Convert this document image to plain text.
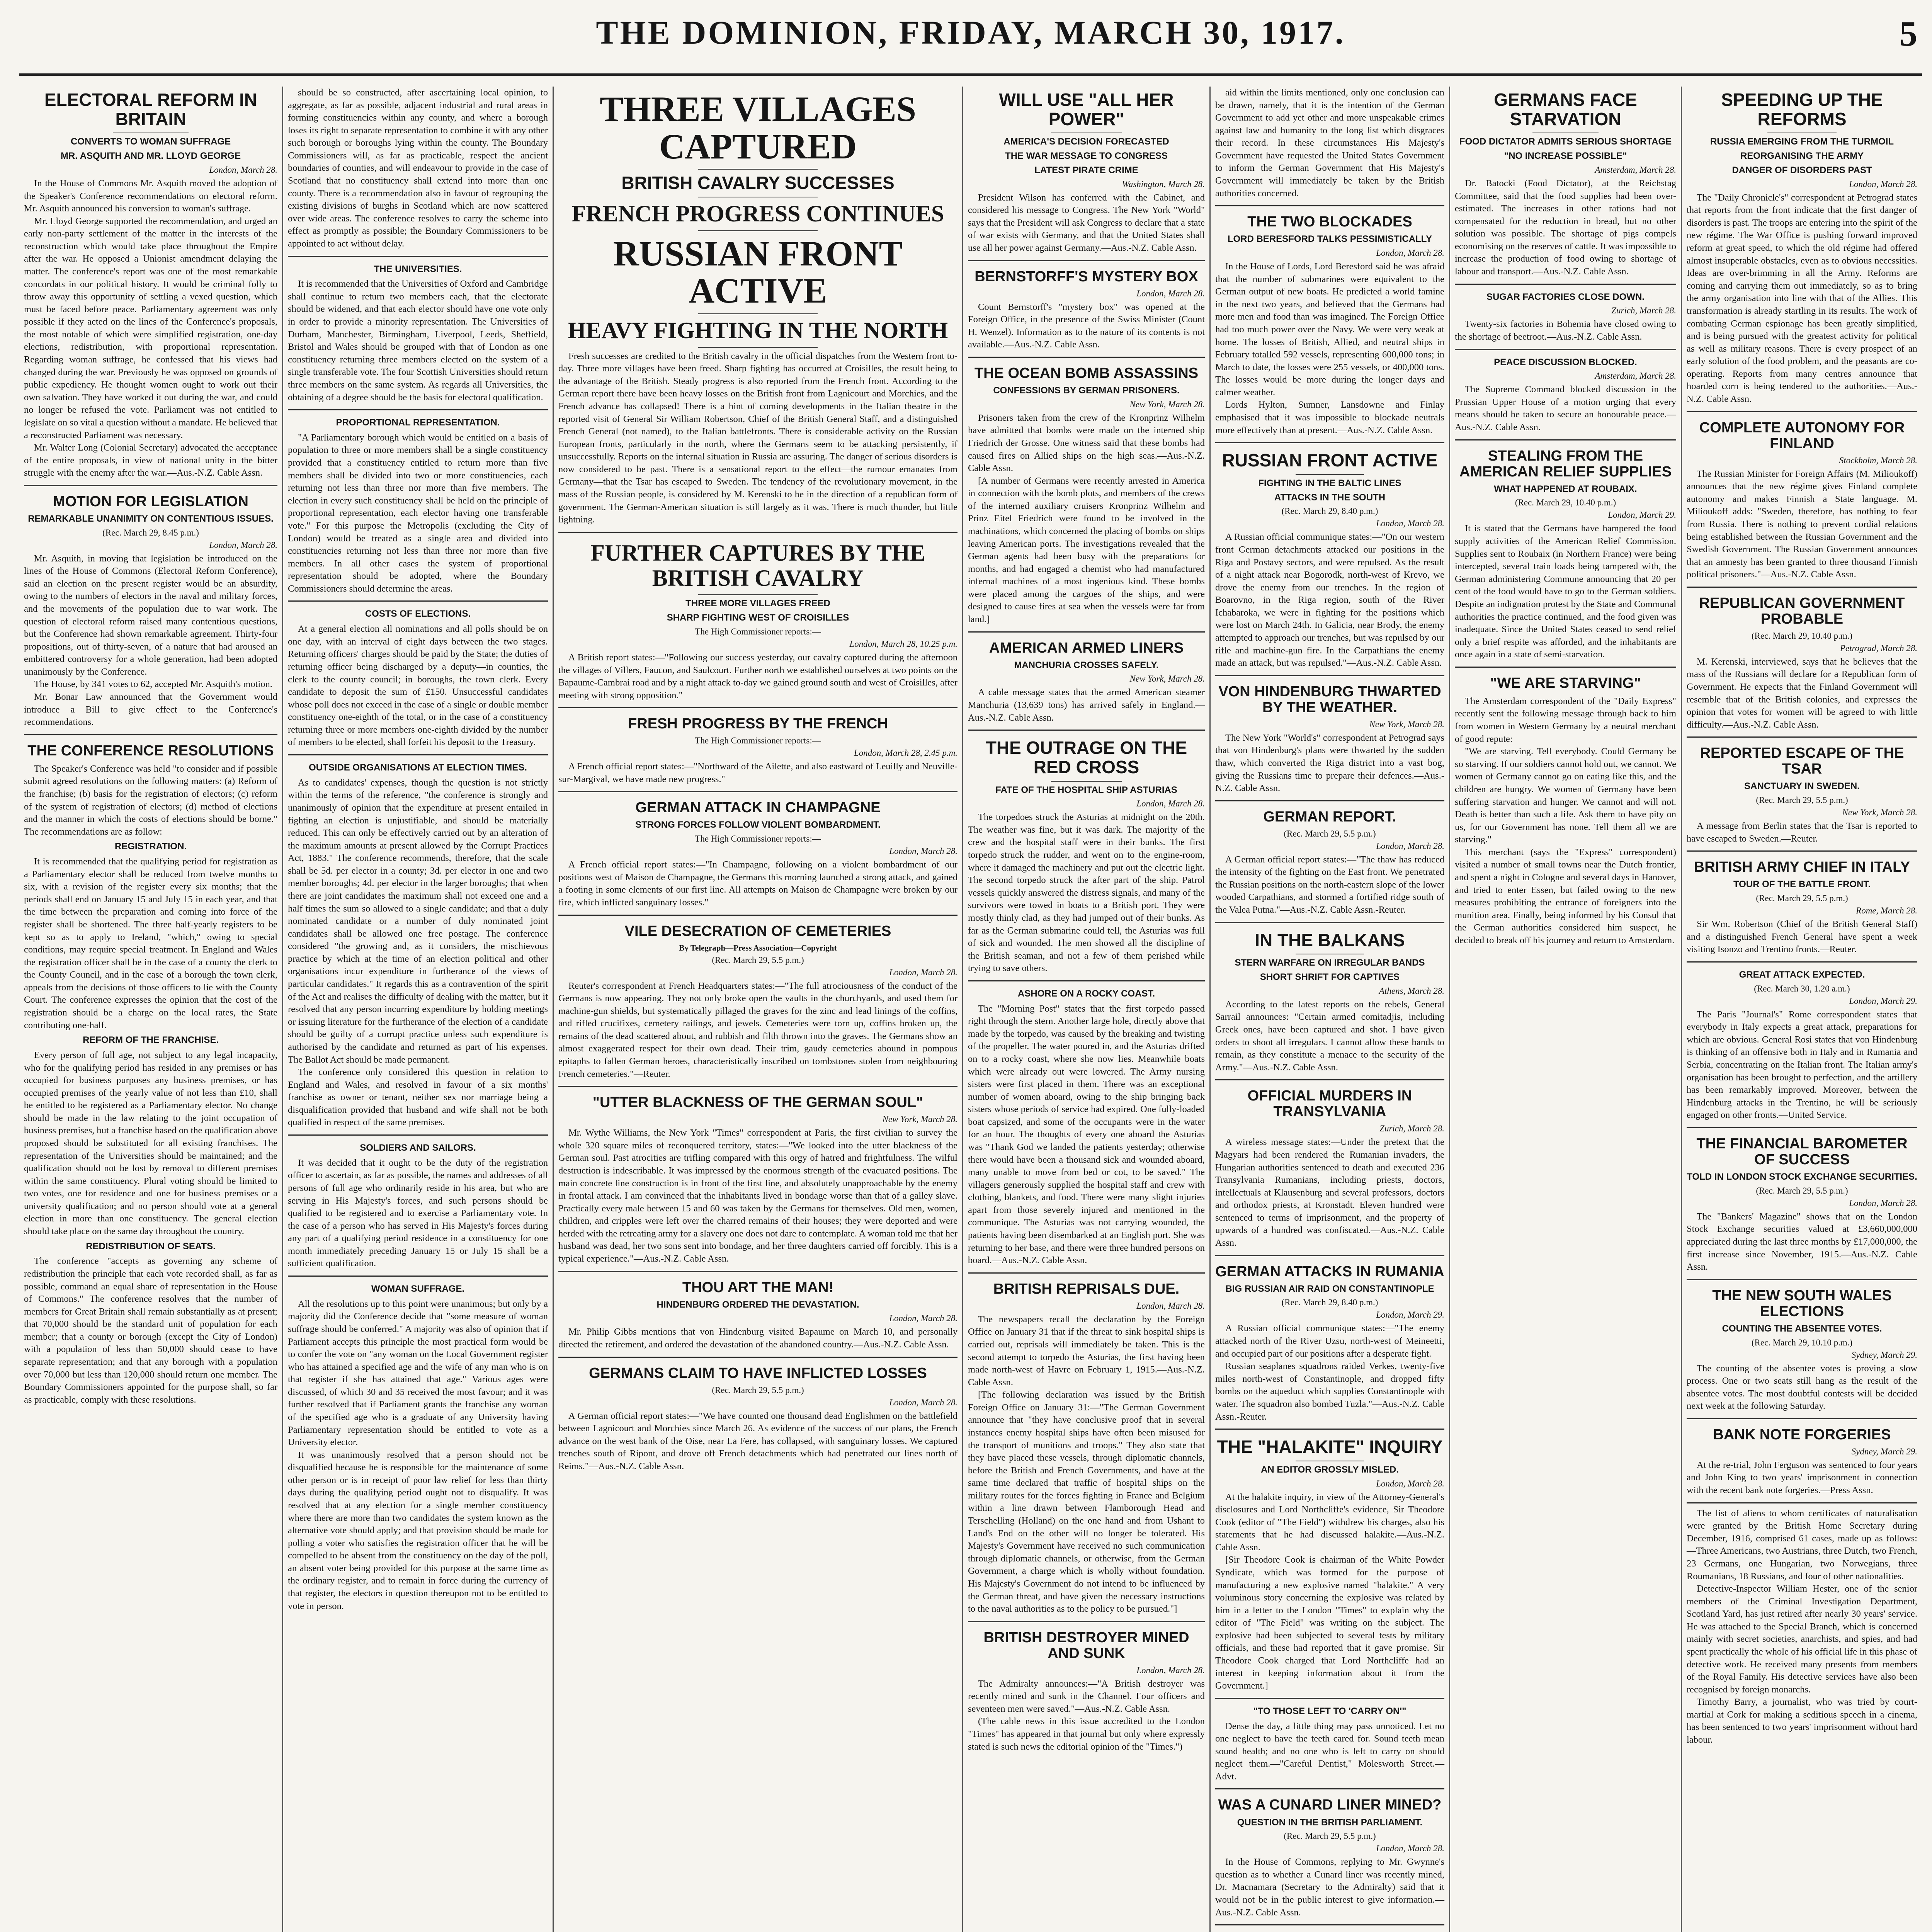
THE DOMINION, FRIDAY, MARCH 30, 1917.	5
ELECTORAL REFORM IN BRITAIN
CONVERTS TO WOMAN SUFFRAGE
MR. ASQUITH AND MR. LLOYD GEORGE
London, March 28.

In the House of Commons Mr. Asquith moved the adoption of the Speaker's Conference recommendations on electoral reform. Mr. Asquith announced his conversion to woman's suffrage.

Mr. Lloyd George supported the recommendation, and urged an early non-party settlement of the matter in the interests of the reconstruction which would take place throughout the Empire after the war. He opposed a Unionist amendment delaying the matter. The conference's report was one of the most remarkable concordats in our political history. It would be criminal folly to throw away this opportunity of settling a vexed question, which must be faced before peace. Parliamentary agreement was only possible if they acted on the lines of the Conference's proposals, the most notable of which were simplified registration, one-day elections, redistribution, with proportional representation. Regarding woman suffrage, he confessed that his views had changed during the war. Previously he was opposed on grounds of public expediency. He thought women ought to work out their own salvation. They have worked it out during the war, and could no longer be refused the vote. Parliament was not entitled to legislate on so vital a question without a mandate. He believed that a reconstructed Parliament was necessary.

Mr. Walter Long (Colonial Secretary) advocated the acceptance of the entire proposals, in view of national unity in the bitter struggle with the enemy after the war.—Aus.-N.Z. Cable Assn.

MOTION FOR LEGISLATION
REMARKABLE UNANIMITY ON CONTENTIOUS ISSUES.
(Rec. March 29, 8.45 p.m.)
London, March 28.

Mr. Asquith, in moving that legislation be introduced on the lines of the House of Commons (Electoral Reform Conference), said an election on the present register would be an absurdity, owing to the numbers of electors in the naval and military forces, and the movements of the population due to war work. The question of electoral reform raised many contentious questions, but the Conference had shown remarkable agreement. Thirty-four propositions, out of thirty-seven, of a nature that had aroused an embittered controversy for a whole generation, had been adopted unanimously by the Conference.

The House, by 341 votes to 62, accepted Mr. Asquith's motion.

Mr. Bonar Law announced that the Government would introduce a Bill to give effect to the Conference's recommendations.

THE CONFERENCE RESOLUTIONS

The Speaker's Conference was held "to consider and if possible submit agreed resolutions on the following matters: (a) Reform of the franchise; (b) basis for the registration of electors; (c) reform of the system of registration of electors; (d) method of elections and the manner in which the costs of elections should be borne." The recommendations are as follow:

REGISTRATION.

It is recommended that the qualifying period for registration as a Parliamentary elector shall be reduced from twelve months to six, with a revision of the register every six months; that the periods shall end on January 15 and July 15 in each year, and that the time between the preparation and coming into force of the register shall be shortened. The three half-yearly registers to be kept so as to apply to Ireland, "which," owing to special conditions, may require special treatment. In England and Wales the registration officer shall be in the case of a county the clerk to the County Council, and in the case of a borough the town clerk, appeals from the decisions of those officers to lie with the County Court. The conference expresses the opinion that the cost of the registration should be a charge on the local rates, the State contributing one-half.

REFORM OF THE FRANCHISE.

Every person of full age, not subject to any legal incapacity, who for the qualifying period has resided in any premises or has occupied for business purposes any business premises, or has occupied premises of the yearly value of not less than £10, shall be entitled to be registered as a Parliamentary elector. No change should be made in the law relating to the joint occupation of business premises, but a franchise based on the qualification above proposed should be substituted for all existing franchises. The representation of the Universities should be maintained; and the qualification should not be lost by removal to different premises within the same constituency. Plural voting should be limited to two votes, one for residence and one for business premises or a university qualification; and no person should vote at a general election in more than one constituency. The general election should take place on the same day throughout the country.

REDISTRIBUTION OF SEATS.

The conference "accepts as governing any scheme of redistribution the principle that each vote recorded shall, as far as possible, command an equal share of representation in the House of Commons." The conference resolves that the number of members for Great Britain shall remain substantially as at present; that 70,000 should be the standard unit of population for each member; that a county or borough (except the City of London) with a population of less than 50,000 should cease to have separate representation; and that any borough with a population over 70,000 but less than 120,000 should return one member. The Boundary Commissioners appointed for the purpose shall, so far as practicable, comply with these resolutions.

should be so constructed, after ascertaining local opinion, to aggregate, as far as possible, adjacent industrial and rural areas in forming constituencies within any county, and where a borough loses its right to separate representation to combine it with any other such borough or boroughs lying within the county. The Boundary Commissioners will, as far as practicable, respect the ancient boundaries of counties, and will endeavour to provide in the case of Scotland that no constituency shall extend into more than one county. There is a recommendation also in favour of regrouping the existing divisions of burghs in Scotland which are now scattered over wide areas. The conference resolves to carry the scheme into effect as promptly as possible; the Boundary Commissioners to be appointed to act without delay.

THE UNIVERSITIES.

It is recommended that the Universities of Oxford and Cambridge shall continue to return two members each, that the electorate should be widened, and that each elector should have one vote only in order to provide a minority representation. The Universities of Durham, Manchester, Birmingham, Liverpool, Leeds, Sheffield, Bristol and Wales should be grouped with that of London as one constituency returning three members elected on the system of a single transferable vote. The four Scottish Universities should return three members on the same system. As regards all Universities, the obtaining of a degree should be the basis for electoral qualification.

PROPORTIONAL REPRESENTATION.

"A Parliamentary borough which would be entitled on a basis of population to three or more members shall be a single constituency provided that a constituency entitled to return more than five members shall be divided into two or more constituencies, each returning not less than three nor more than five members. The election in every such constituency shall be held on the principle of proportional representation, each elector having one transferable vote." For this purpose the Metropolis (excluding the City of London) would be treated as a single area and divided into constituencies returning not less than three nor more than five members. In all other cases the system of proportional representation should be adopted, where the Boundary Commissioners should determine the areas.

COSTS OF ELECTIONS.

At a general election all nominations and all polls should be on one day, with an interval of eight days between the two stages. Returning officers' charges should be paid by the State; the duties of returning officer being discharged by a deputy—in counties, the clerk to the county council; in boroughs, the town clerk. Every candidate to deposit the sum of £150. Unsuccessful candidates whose poll does not exceed in the case of a single or double member constituency one-eighth of the total, or in the case of a constituency returning three or more members one-eighth divided by the number of members to be elected, shall forfeit his deposit to the Treasury.

OUTSIDE ORGANISATIONS AT ELECTION TIMES.

As to candidates' expenses, though the question is not strictly within the terms of the reference, "the conference is strongly and unanimously of opinion that the expenditure at present entailed in fighting an election is unjustifiable, and should be materially reduced. This can only be effectively carried out by an alteration of the maximum amounts at present allowed by the Corrupt Practices Act, 1883." The conference recommends, therefore, that the scale shall be 5d. per elector in a county; 3d. per elector in one and two member boroughs; 4d. per elector in the larger boroughs; that when there are joint candidates the maximum shall not exceed one and a half times the sum so allowed to a single candidate; and that a duly nominated candidate or a number of duly nominated joint candidates shall be allowed one free postage. The conference considered "the growing and, as it considers, the mischievous practice by which at the time of an election political and other organisations incur expenditure in furtherance of the views of particular candidates." It regards this as a contravention of the spirit of the Act and realises the difficulty of dealing with the matter, but it resolved that any person incurring expenditure by holding meetings or issuing literature for the furtherance of the election of a candidate should be guilty of a corrupt practice unless such expenditure is authorised by the candidate and returned as part of his expenses. The Ballot Act should be made permanent.

The conference only considered this question in relation to England and Wales, and resolved in favour of a six months' franchise as owner or tenant, neither sex nor marriage being a disqualification provided that husband and wife shall not be both qualified in respect of the same premises.

SOLDIERS AND SAILORS.

It was decided that it ought to be the duty of the registration officer to ascertain, as far as possible, the names and addresses of all persons of full age who ordinarily reside in his area, but who are serving in His Majesty's forces, and such persons should be qualified to be registered and to exercise a Parliamentary vote. In the case of a person who has served in His Majesty's forces during any part of a qualifying period residence in a constituency for one month immediately preceding January 15 or July 15 shall be a sufficient qualification.

WOMAN SUFFRAGE.

All the resolutions up to this point were unanimous; but only by a majority did the Conference decide that "some measure of woman suffrage should be conferred." A majority was also of opinion that if Parliament accepts this principle the most practical form would be to confer the vote on "any woman on the Local Government register who has attained a specified age and the wife of any man who is on that register if she has attained that age." Various ages were discussed, of which 30 and 35 received the most favour; and it was further resolved that if Parliament grants the franchise any woman of the specified age who is a graduate of any University having Parliamentary representation should be entitled to vote as a University elector.

It was unanimously resolved that a person should not be disqualified because he is responsible for the maintenance of some other person or is in receipt of poor law relief for less than thirty days during the qualifying period ought not to disqualify. It was resolved that at any election for a single member constituency where there are more than two candidates the system known as the alternative vote should apply; and that provision should be made for polling a voter who satisfies the registration officer that he will be compelled to be absent from the constituency on the day of the poll, an absent voter being provided for this purpose at the same time as the ordinary register, and to remain in force during the currency of that register, the electors in question thereupon not to be entitled to vote in person.

THREE VILLAGES CAPTURED
BRITISH CAVALRY SUCCESSES
FRENCH PROGRESS CONTINUES
RUSSIAN FRONT ACTIVE
HEAVY FIGHTING IN THE NORTH

Fresh successes are credited to the British cavalry in the official dispatches from the Western front to-day. Three more villages have been freed. Sharp fighting has occurred at Croisilles, the result being to the advantage of the British. Steady progress is also reported from the French front. According to the German report there have been heavy losses on the British front from Lagnicourt and Morchies, and the French advance has collapsed! There is a hint of coming developments in the Italian theatre in the reported visit of General Sir William Robertson, Chief of the British General Staff, and a distinguished French General (not named), to the Italian battlefronts. There is considerable activity on the Russian European fronts, particularly in the north, where the Germans seem to be attacking persistently, if unsuccessfully. Reports on the internal situation in Russia are assuring. The danger of serious disorders is now considered to be past. There is a sensational report to the effect—the rumour emanates from Germany—that the Tsar has escaped to Sweden. The tendency of the revolutionary movement, in the mass of the Russian people, is considered by M. Kerenski to be in the direction of a republican form of government. The German-American situation is still largely as it was. There is much thunder, but little lightning.

FURTHER CAPTURES BY THE BRITISH CAVALRY
THREE MORE VILLAGES FREED
SHARP FIGHTING WEST OF CROISILLES
The High Commissioner reports:—
London, March 28, 10.25 p.m.

A British report states:—"Following our success yesterday, our cavalry captured during the afternoon the villages of Villers, Faucon, and Saulcourt. Further north we established ourselves at two points on the Bapaume-Cambrai road and by a night attack to-day we gained ground south and west of Croisilles, after meeting with strong opposition."

FRESH PROGRESS BY THE FRENCH
The High Commissioner reports:—
London, March 28, 2.45 p.m.

A French official report states:—"Northward of the Ailette, and also eastward of Leuilly and Neuville-sur-Margival, we have made new progress."

GERMAN ATTACK IN CHAMPAGNE
STRONG FORCES FOLLOW VIOLENT BOMBARDMENT.
The High Commissioner reports:—
London, March 28.

A French official report states:—"In Champagne, following on a violent bombardment of our positions west of Maison de Champagne, the Germans this morning launched a strong attack, and gained a footing in some elements of our first line. All attempts on Maison de Champagne were broken by our fire, which inflicted sanguinary losses."

VILE DESECRATION OF CEMETERIES
By Telegraph—Press Association—Copyright
(Rec. March 29, 5.5 p.m.)
London, March 28.

Reuter's correspondent at French Headquarters states:—"The full atrociousness of the conduct of the Germans is now appearing. They not only broke open the vaults in the churchyards, and used them for machine-gun shields, but systematically pillaged the graves for the zinc and lead linings of the coffins, and rifled crucifixes, cemetery railings, and jewels. Cemeteries were torn up, coffins broken up, the remains of the dead scattered about, and rubbish and filth thrown into the graves. The Germans show an almost exaggerated respect for their own dead. Their trim, gaudy cemeteries abound in pompous epitaphs to fallen German heroes, characteristically inscribed on tombstones stolen from neighbouring French cemeteries."—Reuter.

"UTTER BLACKNESS OF THE GERMAN SOUL"
New York, March 28.

Mr. Wythe Williams, the New York "Times" correspondent at Paris, the first civilian to survey the whole 320 square miles of reconquered territory, states:—"We looked into the utter blackness of the German soul. Past atrocities are trifling compared with this orgy of hatred and frightfulness. The wilful destruction is indescribable. It was impressed by the enormous strength of the evacuated positions. The main concrete line construction is in front of the first line, and absolutely unapproachable by the enemy in frontal attack. I am convinced that the inhabitants lived in bondage worse than that of a galley slave. Practically every male between 15 and 60 was taken by the Germans for themselves. Old men, women, children, and cripples were left over the charred remains of their houses; they were deported and were herded with the retreating army for a slavery one does not dare to contemplate. A woman told me that her husband was dead, her two sons sent into bondage, and her three daughters carried off forcibly. This is a typical experience."—Aus.-N.Z. Cable Assn.

THOU ART THE MAN!
HINDENBURG ORDERED THE DEVASTATION.
London, March 28.

Mr. Philip Gibbs mentions that von Hindenburg visited Bapaume on March 10, and personally directed the retirement, and ordered the devastation of the abandoned country.—Aus.-N.Z. Cable Assn.

GERMANS CLAIM TO HAVE INFLICTED LOSSES
(Rec. March 29, 5.5 p.m.)
London, March 28.

A German official report states:—"We have counted one thousand dead Englishmen on the battlefield between Lagnicourt and Morchies since March 26. As evidence of the success of our plans, the French advance on the west bank of the Oise, near La Fere, has collapsed, with sanguinary losses. We captured trenches south of Ripont, and drove off French detachments which had penetrated our lines north of Reims."—Aus.-N.Z. Cable Assn.

WILL USE "ALL HER POWER"
AMERICA'S DECISION FORECASTED
THE WAR MESSAGE TO CONGRESS
LATEST PIRATE CRIME
Washington, March 28.

President Wilson has conferred with the Cabinet, and considered his message to Congress. The New York "World" says that the President will ask Congress to declare that a state of war exists with Germany, and that the United States shall use all her power against Germany.—Aus.-N.Z. Cable Assn.

BERNSTORFF'S MYSTERY BOX
London, March 28.

Count Bernstorff's "mystery box" was opened at the Foreign Office, in the presence of the Swiss Minister (Count H. Wenzel). Information as to the nature of its contents is not available.—Aus.-N.Z. Cable Assn.

THE OCEAN BOMB ASSASSINS
CONFESSIONS BY GERMAN PRISONERS.
New York, March 28.

Prisoners taken from the crew of the Kronprinz Wilhelm have admitted that bombs were made on the interned ship Friedrich der Grosse. One witness said that these bombs had caused fires on Allied ships on the high seas.—Aus.-N.Z. Cable Assn.

[A number of Germans were recently arrested in America in connection with the bomb plots, and members of the crews of the interned auxiliary cruisers Kronprinz Wilhelm and Prinz Eitel Friedrich were found to be involved in the machinations, which concerned the placing of bombs on ships leaving American ports. The investigations revealed that the German agents had been busy with the preparations for months, and had engaged a chemist who had manufactured infernal machines of a most ingenious kind. These bombs were placed among the cargoes of the ships, and were designed to cause fires at sea when the vessels were far from land.]

AMERICAN ARMED LINERS
MANCHURIA CROSSES SAFELY.
New York, March 28.

A cable message states that the armed American steamer Manchuria (13,639 tons) has arrived safely in England.—Aus.-N.Z. Cable Assn.

THE OUTRAGE ON THE RED CROSS
FATE OF THE HOSPITAL SHIP ASTURIAS
London, March 28.

The torpedoes struck the Asturias at midnight on the 20th. The weather was fine, but it was dark. The majority of the crew and the hospital staff were in their bunks. The first torpedo struck the rudder, and went on to the engine-room, where it damaged the machinery and put out the electric light. The second torpedo struck the after part of the ship. Patrol vessels quickly answered the distress signals, and many of the survivors were towed in boats to a British port. They were mostly thinly clad, as they had jumped out of their bunks. As far as the German submarine could tell, the Asturias was full of sick and wounded. The men showed all the discipline of the British seaman, and not a few of them perished while trying to save others.

ASHORE ON A ROCKY COAST.

The "Morning Post" states that the first torpedo passed right through the stern. Another large hole, directly above that made by the torpedo, was caused by the breaking and twisting of the propeller. The water poured in, and the Asturias drifted on to a rocky coast, where she now lies. Meanwhile boats which were already out were lowered. The Army nursing sisters were first placed in them. There was an exceptional number of women aboard, owing to the ship bringing back sisters whose periods of service had expired. One fully-loaded boat capsized, and some of the occupants were in the water for an hour. The thoughts of every one aboard the Asturias was "Thank God we landed the patients yesterday; otherwise there would have been a thousand sick and wounded aboard, many unable to move from bed or cot, to be saved." The villagers generously supplied the hospital staff and crew with clothing, blankets, and food. There were many slight injuries apart from those severely injured and mentioned in the communique. The Asturias was not carrying wounded, the patients having been disembarked at an English port. She was returning to her base, and there were three hundred persons on board.—Aus.-N.Z. Cable Assn.

BRITISH REPRISALS DUE.
London, March 28.

The newspapers recall the declaration by the Foreign Office on January 31 that if the threat to sink hospital ships is carried out, reprisals will immediately be taken. This is the second attempt to torpedo the Asturias, the first having been made north-west of Havre on February 1, 1915.—Aus.-N.Z. Cable Assn.

[The following declaration was issued by the British Foreign Office on January 31:—"The German Government announce that "they have conclusive proof that in several instances enemy hospital ships have often been misused for the transport of munitions and troops." They also state that they have placed these vessels, through diplomatic channels, before the British and French Governments, and have at the same time declared that traffic of hospital ships on the military routes for the forces fighting in France and Belgium within a line drawn between Flamborough Head and Terschelling (Holland) on the one hand and from Ushant to Land's End on the other will no longer be tolerated. His Majesty's Government have received no such communication through diplomatic channels, or otherwise, from the German Government, a charge which is wholly without foundation. His Majesty's Government do not intend to be influenced by the German threat, and have given the necessary instructions to the naval authorities as to the policy to be pursued."]

BRITISH DESTROYER MINED AND SUNK
London, March 28.

The Admiralty announces:—"A British destroyer was recently mined and sunk in the Channel. Four officers and seventeen men were saved."—Aus.-N.Z. Cable Assn.

(The cable news in this issue accredited to the London "Times" has appeared in that journal but only where expressly stated is such news the editorial opinion of the "Times.")

aid within the limits mentioned, only one conclusion can be drawn, namely, that it is the intention of the German Government to add yet other and more unspeakable crimes against law and humanity to the long list which disgraces their record. In these circumstances His Majesty's Government have requested the United States Government to inform the German Government that His Majesty's Government will immediately be taken by the British authorities concerned.

THE TWO BLOCKADES
LORD BERESFORD TALKS PESSIMISTICALLY
London, March 28.

In the House of Lords, Lord Beresford said he was afraid that the number of submarines were equivalent to the German output of new boats. He predicted a world famine in the next two years, and believed that the Germans had more men and food than was imagined. The Foreign Office had too much power over the Navy. We were very weak at home. The losses of British, Allied, and neutral ships in February totalled 592 vessels, representing 600,000 tons; in March to date, the losses were 255 vessels, or 400,000 tons. The losses would be more during the longer days and calmer weather.

Lords Hylton, Sumner, Lansdowne and Finlay emphasised that it was impossible to blockade neutrals more effectively than at present.—Aus.-N.Z. Cable Assn.

RUSSIAN FRONT ACTIVE
FIGHTING IN THE BALTIC LINES
ATTACKS IN THE SOUTH
(Rec. March 29, 8.40 p.m.)
London, March 28.

A Russian official communique states:—"On our western front German detachments attacked our positions in the Riga and Postavy sectors, and were repulsed. As the result of a night attack near Bogorodk, north-west of Krevo, we drove the enemy from our trenches. In the region of Boarovno, in the Riga region, south of the River Ichabaroka, we were in fighting for the positions which were lost on March 24th. In Galicia, near Brody, the enemy attempted to approach our trenches, but was repulsed by our rifle and machine-gun fire. In the Carpathians the enemy made an attack, but was repulsed."—Aus.-N.Z. Cable Assn.

VON HINDENBURG THWARTED BY THE WEATHER.
New York, March 28.

The New York "World's" correspondent at Petrograd says that von Hindenburg's plans were thwarted by the sudden thaw, which converted the Riga district into a vast bog, giving the Russians time to prepare their defences.—Aus.-N.Z. Cable Assn.

GERMAN REPORT.
(Rec. March 29, 5.5 p.m.)
London, March 28.

A German official report states:—"The thaw has reduced the intensity of the fighting on the East front. We penetrated the Russian positions on the north-eastern slope of the lower wooded Carpathians, and stormed a fortified ridge south of the Valea Putna."—Aus.-N.Z. Cable Assn.-Reuter.

IN THE BALKANS
STERN WARFARE ON IRREGULAR BANDS
SHORT SHRIFT FOR CAPTIVES
Athens, March 28.

According to the latest reports on the rebels, General Sarrail announces: "Certain armed comitadjis, including Greek ones, have been captured and shot. I have given orders to shoot all irregulars. I cannot allow these bands to remain, as they constitute a menace to the security of the Army."—Aus.-N.Z. Cable Assn.

OFFICIAL MURDERS IN TRANSYLVANIA
Zurich, March 28.

A wireless message states:—Under the pretext that the Magyars had been rendered the Rumanian invaders, the Hungarian authorities sentenced to death and executed 236 Transylvania Rumanians, including priests, doctors, intellectuals at Klausenburg and several professors, doctors and orthodox priests, at Kronstadt. Eleven hundred were sentenced to terms of imprisonment, and the property of upwards of a hundred was confiscated.—Aus.-N.Z. Cable Assn.

GERMAN ATTACKS IN RUMANIA
BIG RUSSIAN AIR RAID ON CONSTANTINOPLE
(Rec. March 29, 8.40 p.m.)
London, March 29.

A Russian official communique states:—"The enemy attacked north of the River Uzsu, north-west of Meineetti, and occupied part of our positions after a desperate fight.

Russian seaplanes squadrons raided Verkes, twenty-five miles north-west of Constantinople, and dropped fifty bombs on the aqueduct which supplies Constantinople with water. The squadron also bombed Tuzla."—Aus.-N.Z. Cable Assn.-Reuter.

THE "HALAKITE" INQUIRY
AN EDITOR GROSSLY MISLED.
London, March 28.

At the halakite inquiry, in view of the Attorney-General's disclosures and Lord Northcliffe's evidence, Sir Theodore Cook (editor of "The Field") withdrew his charges, also his statements that he had discussed halakite.—Aus.-N.Z. Cable Assn.

[Sir Theodore Cook is chairman of the White Powder Syndicate, which was formed for the purpose of manufacturing a new explosive named "halakite." A very voluminous story concerning the explosive was related by him in a letter to the London "Times" to explain why the editor of "The Field" was writing on the subject. The explosive had been subjected to several tests by military officials, and these had reported that it gave promise. Sir Theodore Cook charged that Lord Northcliffe had an interest in keeping information about it from the Government.]

"TO THOSE LEFT TO 'CARRY ON'"

Dense the day, a little thing may pass unnoticed. Let no one neglect to have the teeth cared for. Sound teeth mean sound health; and no one who is left to carry on should neglect them.—"Careful Dentist," Molesworth Street.—Advt.

WAS A CUNARD LINER MINED?
QUESTION IN THE BRITISH PARLIAMENT.
(Rec. March 29, 5.5 p.m.)
London, March 28.

In the House of Commons, replying to Mr. Gwynne's question as to whether a Cunard liner was recently mined, Dr. Macnamara (Secretary to the Admiralty) said that it would not be in the public interest to give information.—Aus.-N.Z. Cable Assn.

GERMANS FACE STARVATION
FOOD DICTATOR ADMITS SERIOUS SHORTAGE
"NO INCREASE POSSIBLE"
Amsterdam, March 28.

Dr. Batocki (Food Dictator), at the Reichstag Committee, said that the food supplies had been over-estimated. The increases in other rations had not compensated for the reduction in bread, but no other solution was possible. The shortage of pigs compels economising on the reserves of cattle. It was impossible to increase the production of food owing to shortage of labour and transport.—Aus.-N.Z. Cable Assn.

SUGAR FACTORIES CLOSE DOWN.
Zurich, March 28.

Twenty-six factories in Bohemia have closed owing to the shortage of beetroot.—Aus.-N.Z. Cable Assn.

PEACE DISCUSSION BLOCKED.
Amsterdam, March 28.

The Supreme Command blocked discussion in the Prussian Upper House of a motion urging that every means should be taken to secure an honourable peace.—Aus.-N.Z. Cable Assn.

STEALING FROM THE AMERICAN RELIEF SUPPLIES
WHAT HAPPENED AT ROUBAIX.
(Rec. March 29, 10.40 p.m.)
London, March 29.

It is stated that the Germans have hampered the food supply activities of the American Relief Commission. Supplies sent to Roubaix (in Northern France) were being intercepted, several train loads being tampered with, the German administering Commune announcing that 20 per cent of the food would have to go to the German soldiers. Despite an indignation protest by the State and Communal authorities the practice continued, and the food given was inadequate. Since the United States ceased to send relief only a brief respite was afforded, and the inhabitants are once again in a state of semi-starvation.

"WE ARE STARVING"

The Amsterdam correspondent of the "Daily Express" recently sent the following message through back to him from women in Western Germany by a neutral merchant of good repute:

"We are starving. Tell everybody. Could Germany be so starving. If our soldiers cannot hold out, we cannot. We women of Germany cannot go on eating like this, and the children are hungry. We women of Germany have been suffering starvation and hunger. We cannot and will not. Death is better than such a life. Ask them to have pity on us, for our Government has none. Tell them all we are starving."

This merchant (says the "Express" correspondent) visited a number of small towns near the Dutch frontier, and spent a night in Cologne and several days in Hanover, and tried to enter Essen, but failed owing to the new measures prohibiting the entrance of foreigners into the munition area. Finally, being informed by his Consul that the German authorities considered him suspect, he decided to break off his journey and return to Amsterdam.

SPEEDING UP THE REFORMS
RUSSIA EMERGING FROM THE TURMOIL
REORGANISING THE ARMY
DANGER OF DISORDERS PAST
London, March 28.

The "Daily Chronicle's" correspondent at Petrograd states that reports from the front indicate that the first danger of disorders is past. The troops are entering into the spirit of the new régime. The War Office is pushing forward improved reform at great speed, to which the old régime had offered almost insuperable obstacles, even as to obvious necessities. Ideas are over-brimming in all the Army. Reforms are coming and carrying them out immediately, so as to bring the army organisation into line with that of the Allies. This transformation is already startling in its results. The work of combating German espionage has been greatly simplified, and is being pursued with the greatest activity for political as well as military reasons. There is every prospect of an early solution of the food problem, and the peasants are co-operating. Reports from many centres announce that hoarded corn is being tendered to the authorities.—Aus.-N.Z. Cable Assn.

COMPLETE AUTONOMY FOR FINLAND
Stockholm, March 28.

The Russian Minister for Foreign Affairs (M. Milioukoff) announces that the new régime gives Finland complete autonomy and makes Finnish a State language. M. Milioukoff adds: "Sweden, therefore, has nothing to fear from Russia. There is nothing to prevent cordial relations being established between the Russian Government and the Swedish Government. The Russian Government announces that an amnesty has been granted to three thousand Finnish political prisoners."—Aus.-N.Z. Cable Assn.

REPUBLICAN GOVERNMENT PROBABLE
(Rec. March 29, 10.40 p.m.)
Petrograd, March 28.

M. Kerenski, interviewed, says that he believes that the mass of the Russians will declare for a Republican form of Government. He expects that the Finland Government will resemble that of the British colonies, and expresses the opinion that votes for women will be agreed to with little difficulty.—Aus.-N.Z. Cable Assn.

REPORTED ESCAPE OF THE TSAR
SANCTUARY IN SWEDEN.
(Rec. March 29, 5.5 p.m.)
New York, March 28.

A message from Berlin states that the Tsar is reported to have escaped to Sweden.—Reuter.

BRITISH ARMY CHIEF IN ITALY
TOUR OF THE BATTLE FRONT.
(Rec. March 29, 5.5 p.m.)
Rome, March 28.

Sir Wm. Robertson (Chief of the British General Staff) and a distinguished French General have spent a week visiting Isonzo and Trentino fronts.—Reuter.

GREAT ATTACK EXPECTED.
(Rec. March 30, 1.20 a.m.)
London, March 29.

The Paris "Journal's" Rome correspondent states that everybody in Italy expects a great attack, preparations for which are obvious. General Rosi states that von Hindenburg is thinking of an offensive both in Italy and in Rumania and Serbia, concentrating on the Italian front. The Italian army's organisation has been brought to perfection, and the artillery has been remarkably improved. Moreover, between the Hindenburg attacks in the Trentino, he will be seriously engaged on other fronts.—United Service.

THE FINANCIAL BAROMETER OF SUCCESS
TOLD IN LONDON STOCK EXCHANGE SECURITIES.
(Rec. March 29, 5.5 p.m.)
London, March 28.

The "Bankers' Magazine" shows that on the London Stock Exchange securities valued at £3,660,000,000 appreciated during the last three months by £17,000,000, the first increase since November, 1915.—Aus.-N.Z. Cable Assn.

THE NEW SOUTH WALES ELECTIONS
COUNTING THE ABSENTEE VOTES.
(Rec. March 29, 10.10 p.m.)
Sydney, March 29.

The counting of the absentee votes is proving a slow process. One or two seats still hang as the result of the absentee votes. The most doubtful contests will be decided next week at the following Saturday.

BANK NOTE FORGERIES
Sydney, March 29.

At the re-trial, John Ferguson was sentenced to four years and John King to two years' imprisonment in connection with the recent bank note forgeries.—Press Assn.

The list of aliens to whom certificates of naturalisation were granted by the British Home Secretary during December, 1916, comprised 61 cases, made up as follows:—Three Americans, two Austrians, three Dutch, two French, 23 Germans, one Hungarian, two Norwegians, three Roumanians, 18 Russians, and four of other nationalities.

Detective-Inspector William Hester, one of the senior members of the Criminal Investigation Department, Scotland Yard, has just retired after nearly 30 years' service. He was attached to the Special Branch, which is concerned mainly with secret societies, anarchists, and spies, and had spent practically the whole of his official life in this phase of detective work. He received many presents from members of the Royal Family. His detective services have also been recognised by foreign monarchs.

Timothy Barry, a journalist, who was tried by court-martial at Cork for making a seditious speech in a cinema, has been sentenced to two years' imprisonment without hard labour.
